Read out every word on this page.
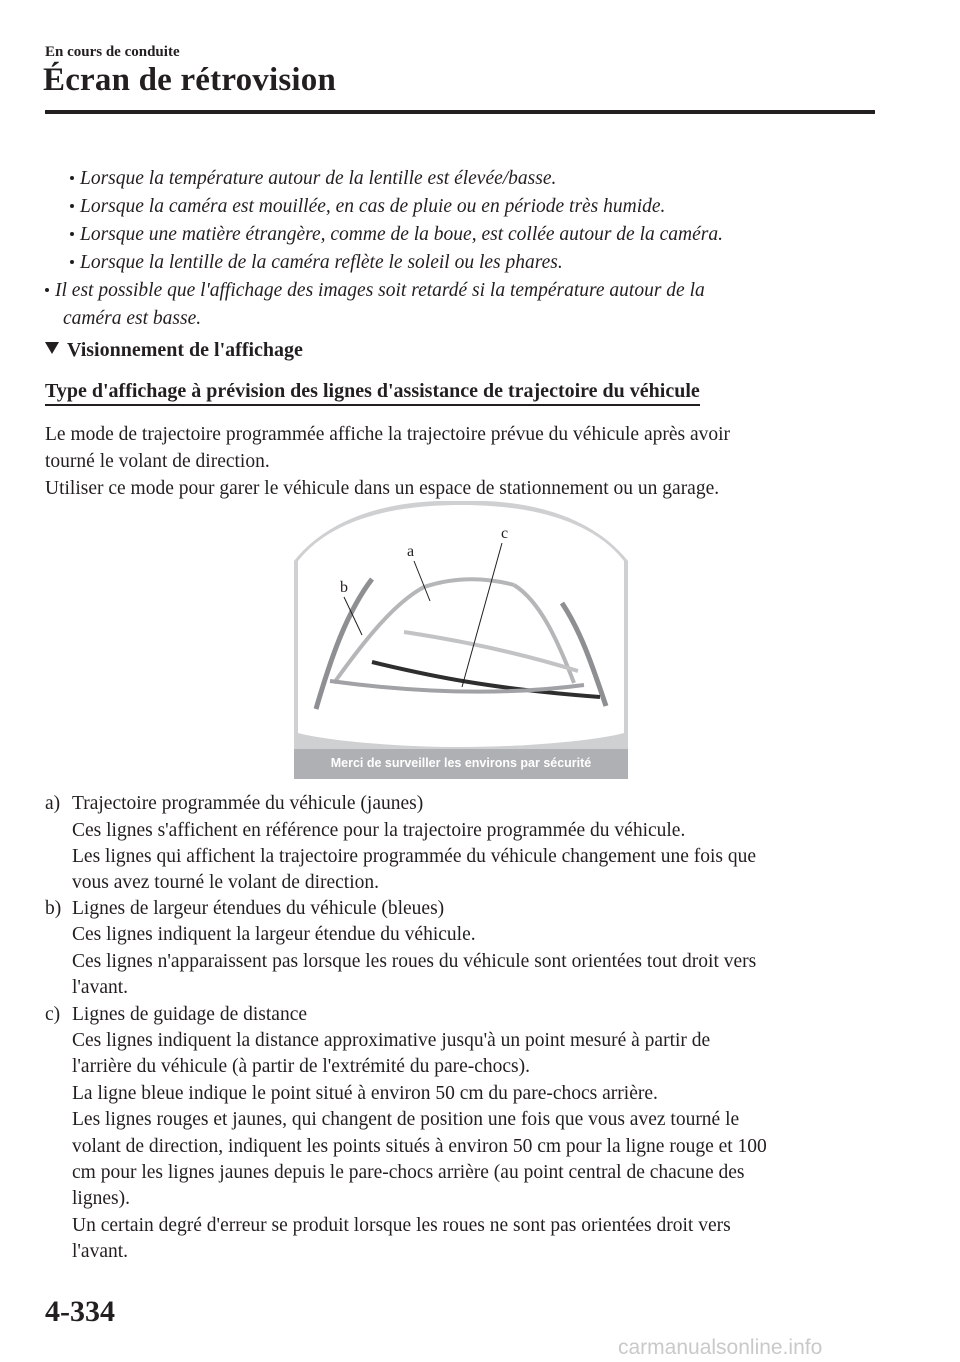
En cours de conduite
Écran de rétrovision
Lorsque la température autour de la lentille est élevée/basse.
Lorsque la caméra est mouillée, en cas de pluie ou en période très humide.
Lorsque une matière étrangère, comme de la boue, est collée autour de la caméra.
Lorsque la lentille de la caméra reflète le soleil ou les phares.
Il est possible que l'affichage des images soit retardé si la température autour de la
caméra est basse.
Visionnement de l'affichage
Type d'affichage à prévision des lignes d'assistance de trajectoire du véhicule
Le mode de trajectoire programmée affiche la trajectoire prévue du véhicule après avoir
tourné le volant de direction.
Utiliser ce mode pour garer le véhicule dans un espace de stationnement ou un garage.
a
b
c
Merci de surveiller les environs par sécurité
a) Trajectoire programmée du véhicule (jaunes)
Ces lignes s'affichent en référence pour la trajectoire programmée du véhicule.
Les lignes qui affichent la trajectoire programmée du véhicule changement une fois que
vous avez tourné le volant de direction.
b) Lignes de largeur étendues du véhicule (bleues)
Ces lignes indiquent la largeur étendue du véhicule.
Ces lignes n'apparaissent pas lorsque les roues du véhicule sont orientées tout droit vers
l'avant.
c) Lignes de guidage de distance
Ces lignes indiquent la distance approximative jusqu'à un point mesuré à partir de
l'arrière du véhicule (à partir de l'extrémité du pare-chocs).
La ligne bleue indique le point situé à environ 50 cm du pare-chocs arrière.
Les lignes rouges et jaunes, qui changent de position une fois que vous avez tourné le
volant de direction, indiquent les points situés à environ 50 cm pour la ligne rouge et 100
cm pour les lignes jaunes depuis le pare-chocs arrière (au point central de chacune des
lignes).
Un certain degré d'erreur se produit lorsque les roues ne sont pas orientées droit vers
l'avant.
4-334
carmanualsonline.info
